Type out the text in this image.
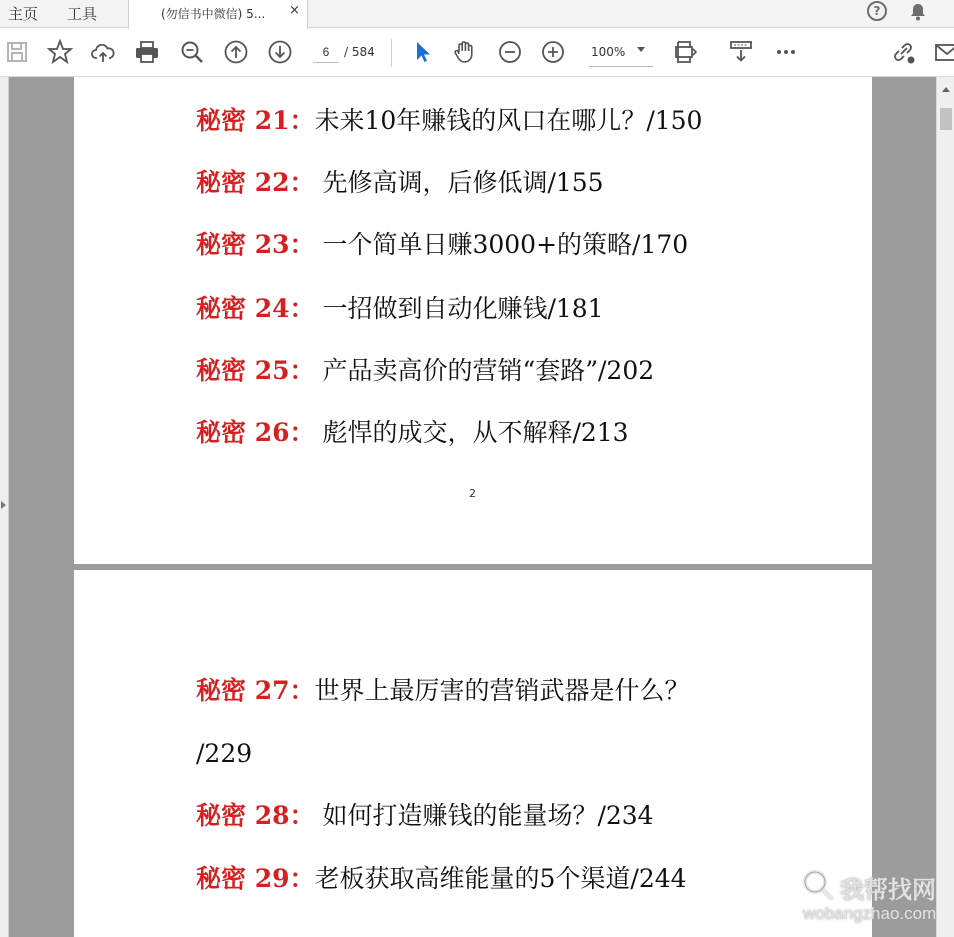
主页 工具	(勿信书中微信) 5... ×	?
6
/ 584	100%
秘密 21：未来10年赚钱的风口在哪儿？/150
秘密 22： 先修高调，后修低调/155
秘密 23： 一个简单日赚3000+的策略/170
秘密 24： 一招做到自动化赚钱/181
秘密 25： 产品卖高价的营销“套路”/202
秘密 26： 彪悍的成交，从不解释/213
2
秘密 27：世界上最厉害的营销武器是什么？
/229
秘密 28： 如何打造赚钱的能量场？/234
秘密 29：老板获取高维能量的5个渠道/244	我帮找网
wobangzhao.com
